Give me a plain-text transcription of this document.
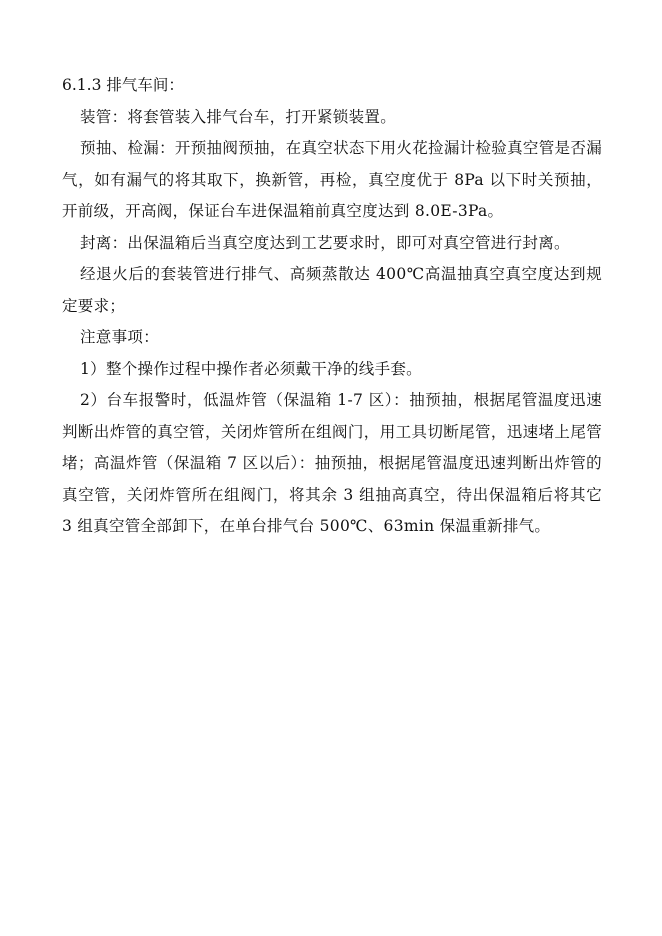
6.1.3 排气车间：

装管：将套管装入排气台车，打开紧锁装置。

预抽、检漏：开预抽阀预抽，在真空状态下用火花捡漏计检验真空管是否漏气，如有漏气的将其取下，换新管，再检，真空度优于 8Pa 以下时关预抽，开前级，开高阀，保证台车进保温箱前真空度达到 8.0E-3Pa。

封离：出保温箱后当真空度达到工艺要求时，即可对真空管进行封离。

经退火后的套装管进行排气、高频蒸散达 400℃高温抽真空真空度达到规定要求；

注意事项：

1）整个操作过程中操作者必须戴干净的线手套。

2）台车报警时，低温炸管（保温箱 1-7 区）：抽预抽，根据尾管温度迅速判断出炸管的真空管，关闭炸管所在组阀门，用工具切断尾管，迅速堵上尾管堵；高温炸管（保温箱 7 区以后）：抽预抽，根据尾管温度迅速判断出炸管的真空管，关闭炸管所在组阀门，将其余 3 组抽高真空，待出保温箱后将其它 3 组真空管全部卸下，在单台排气台 500℃、63min 保温重新排气。
